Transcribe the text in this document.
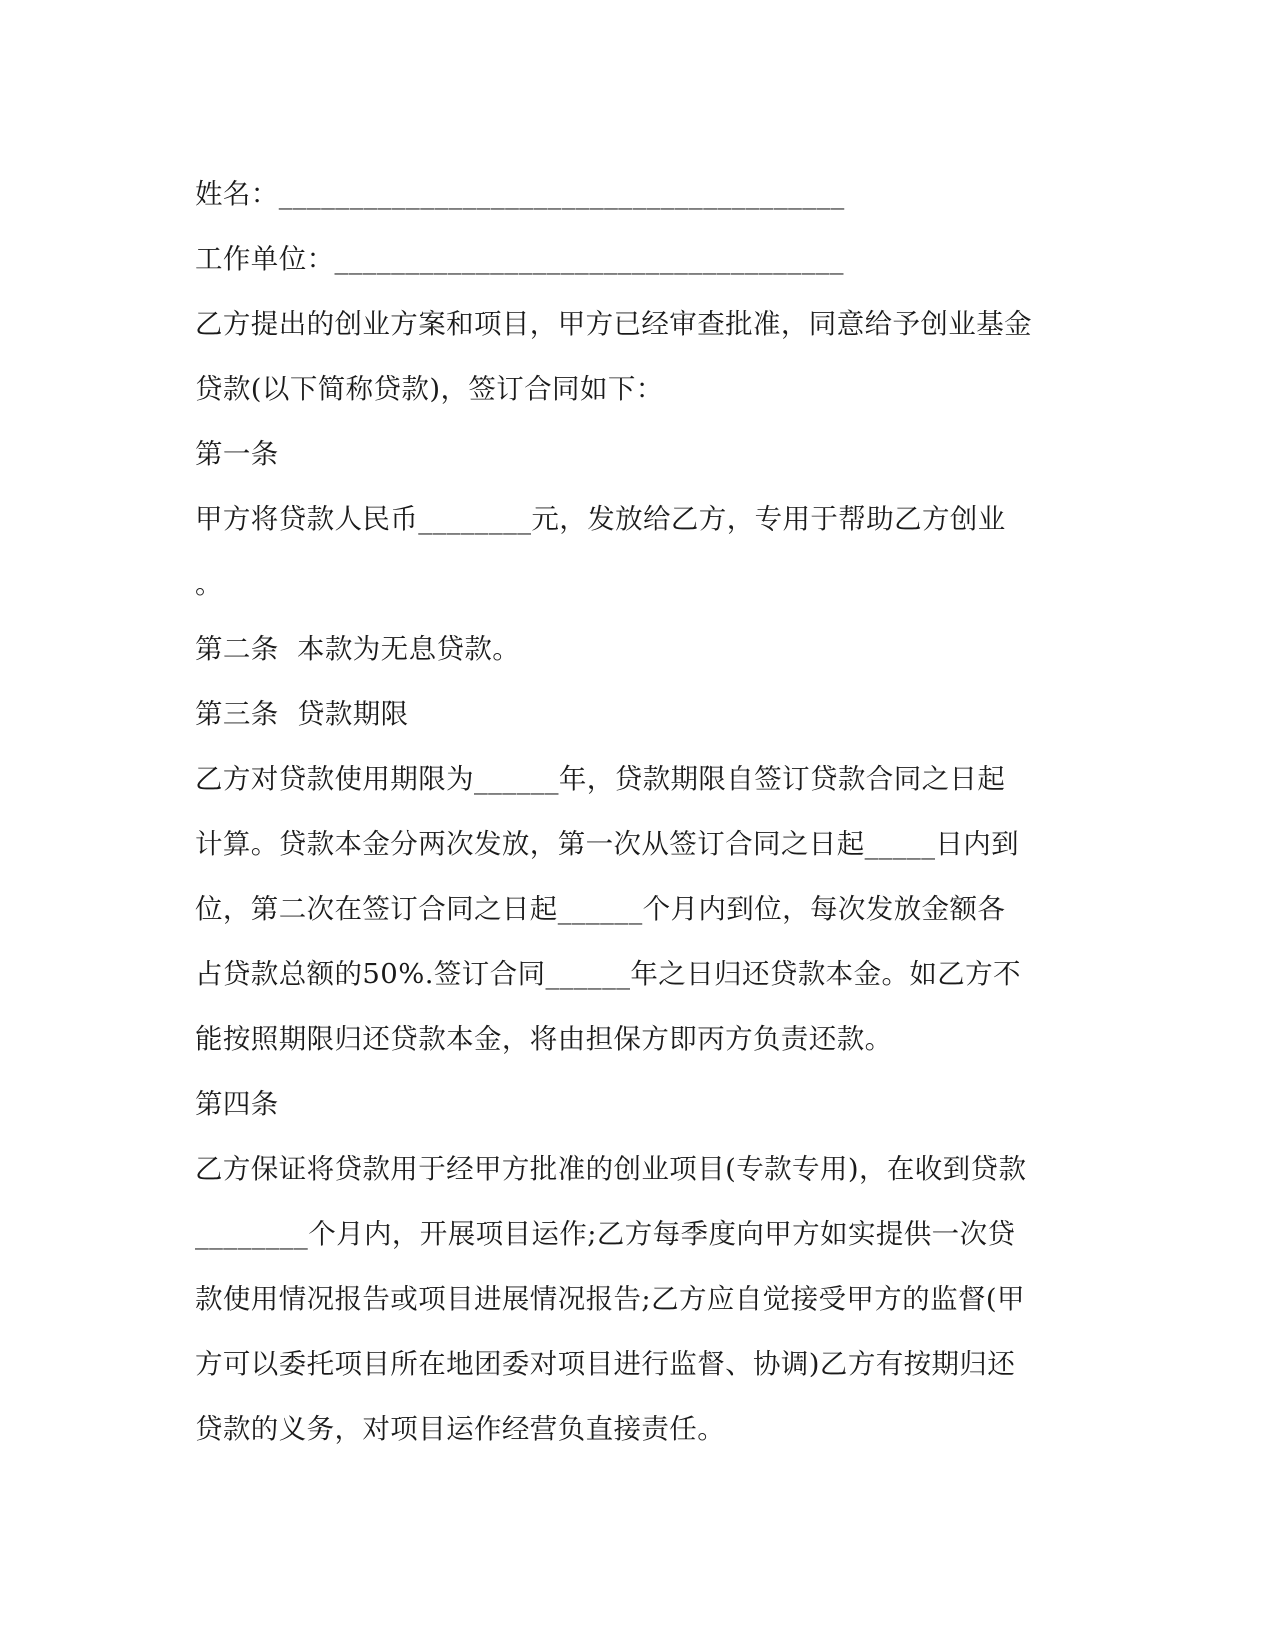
姓名：________________________________________
工作单位：____________________________________
乙方提出的创业方案和项目，甲方已经审查批准，同意给予创业基金
贷款(以下简称贷款)，签订合同如下：
第一条
甲方将贷款人民币________元，发放给乙方，专用于帮助乙方创业
。
第二条  本款为无息贷款。
第三条  贷款期限
乙方对贷款使用期限为______年，贷款期限自签订贷款合同之日起
计算。贷款本金分两次发放，第一次从签订合同之日起_____日内到
位，第二次在签订合同之日起______个月内到位，每次发放金额各
占贷款总额的50%.签订合同______年之日归还贷款本金。如乙方不
能按照期限归还贷款本金，将由担保方即丙方负责还款。
第四条
乙方保证将贷款用于经甲方批准的创业项目(专款专用)，在收到贷款
________个月内，开展项目运作;乙方每季度向甲方如实提供一次贷
款使用情况报告或项目进展情况报告;乙方应自觉接受甲方的监督(甲
方可以委托项目所在地团委对项目进行监督、协调)乙方有按期归还
贷款的义务，对项目运作经营负直接责任。
